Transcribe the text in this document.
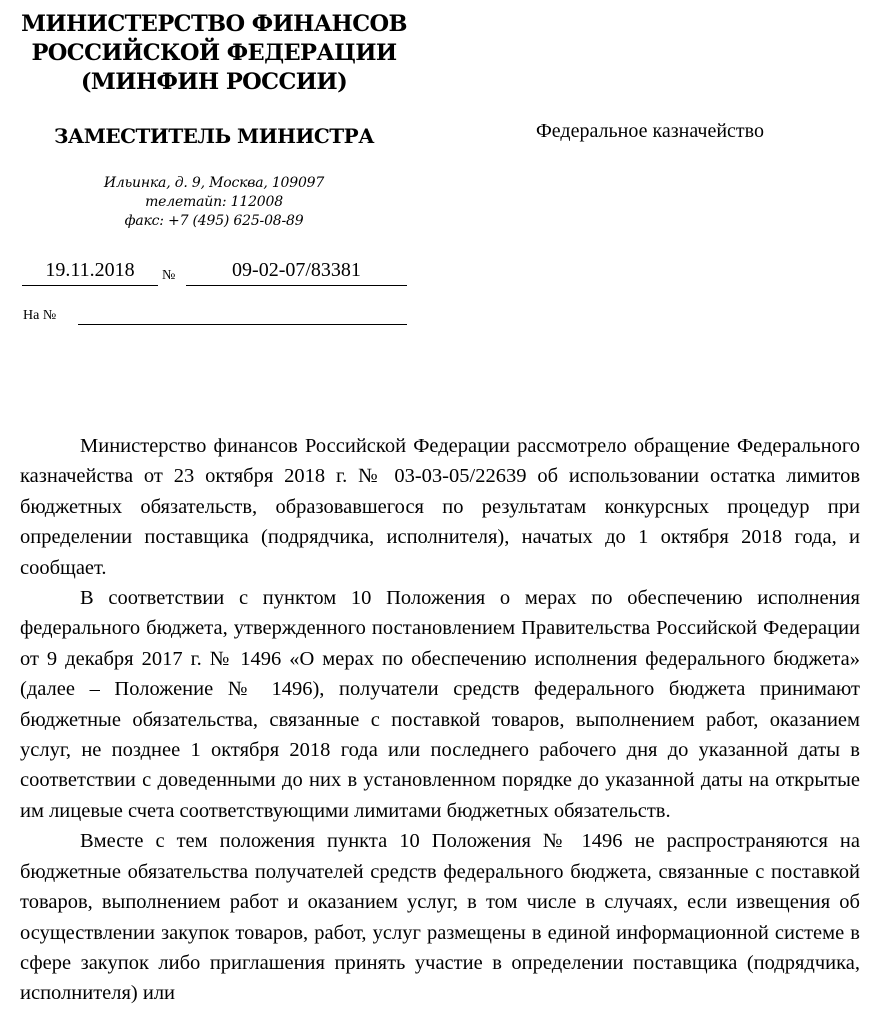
МИНИСТЕРСТВО ФИНАНСОВ
РОССИЙСКОЙ ФЕДЕРАЦИИ
(МИНФИН РОССИИ)
ЗАМЕСТИТЕЛЬ МИНИСТРА
Ильинка, д. 9, Москва, 109097
телетайп: 112008
факс: +7 (495) 625-08-89
Федеральное казначейство
19.11.2018	№	09-02-07/83381
На №

Министерство финансов Российской Федерации рассмотрело обращение Федерального казначейства от 23 октября 2018 г. № 03-03-05/22639 об использовании остатка лимитов бюджетных обязательств, образовавшегося по результатам конкурсных процедур при определении поставщика (подрядчика, исполнителя), начатых до 1 октября 2018 года, и сообщает.

В соответствии с пунктом 10 Положения о мерах по обеспечению исполнения федерального бюджета, утвержденного постановлением Правительства Российской Федерации от 9 декабря 2017 г. № 1496 «О мерах по обеспечению исполнения федерального бюджета» (далее – Положение № 1496), получатели средств федерального бюджета принимают бюджетные обязательства, связанные с поставкой товаров, выполнением работ, оказанием услуг, не позднее 1 октября 2018 года или последнего рабочего дня до указанной даты в соответствии с доведенными до них в установленном порядке до указанной даты на открытые им лицевые счета соответствующими лимитами бюджетных обязательств.

Вместе с тем положения пункта 10 Положения № 1496 не распространяются на бюджетные обязательства получателей средств федерального бюджета, связанные с поставкой товаров, выполнением работ и оказанием услуг, в том числе в случаях, если извещения об осуществлении закупок товаров, работ, услуг размещены в единой информационной системе в сфере закупок либо приглашения принять участие в определении поставщика (подрядчика, исполнителя) или
